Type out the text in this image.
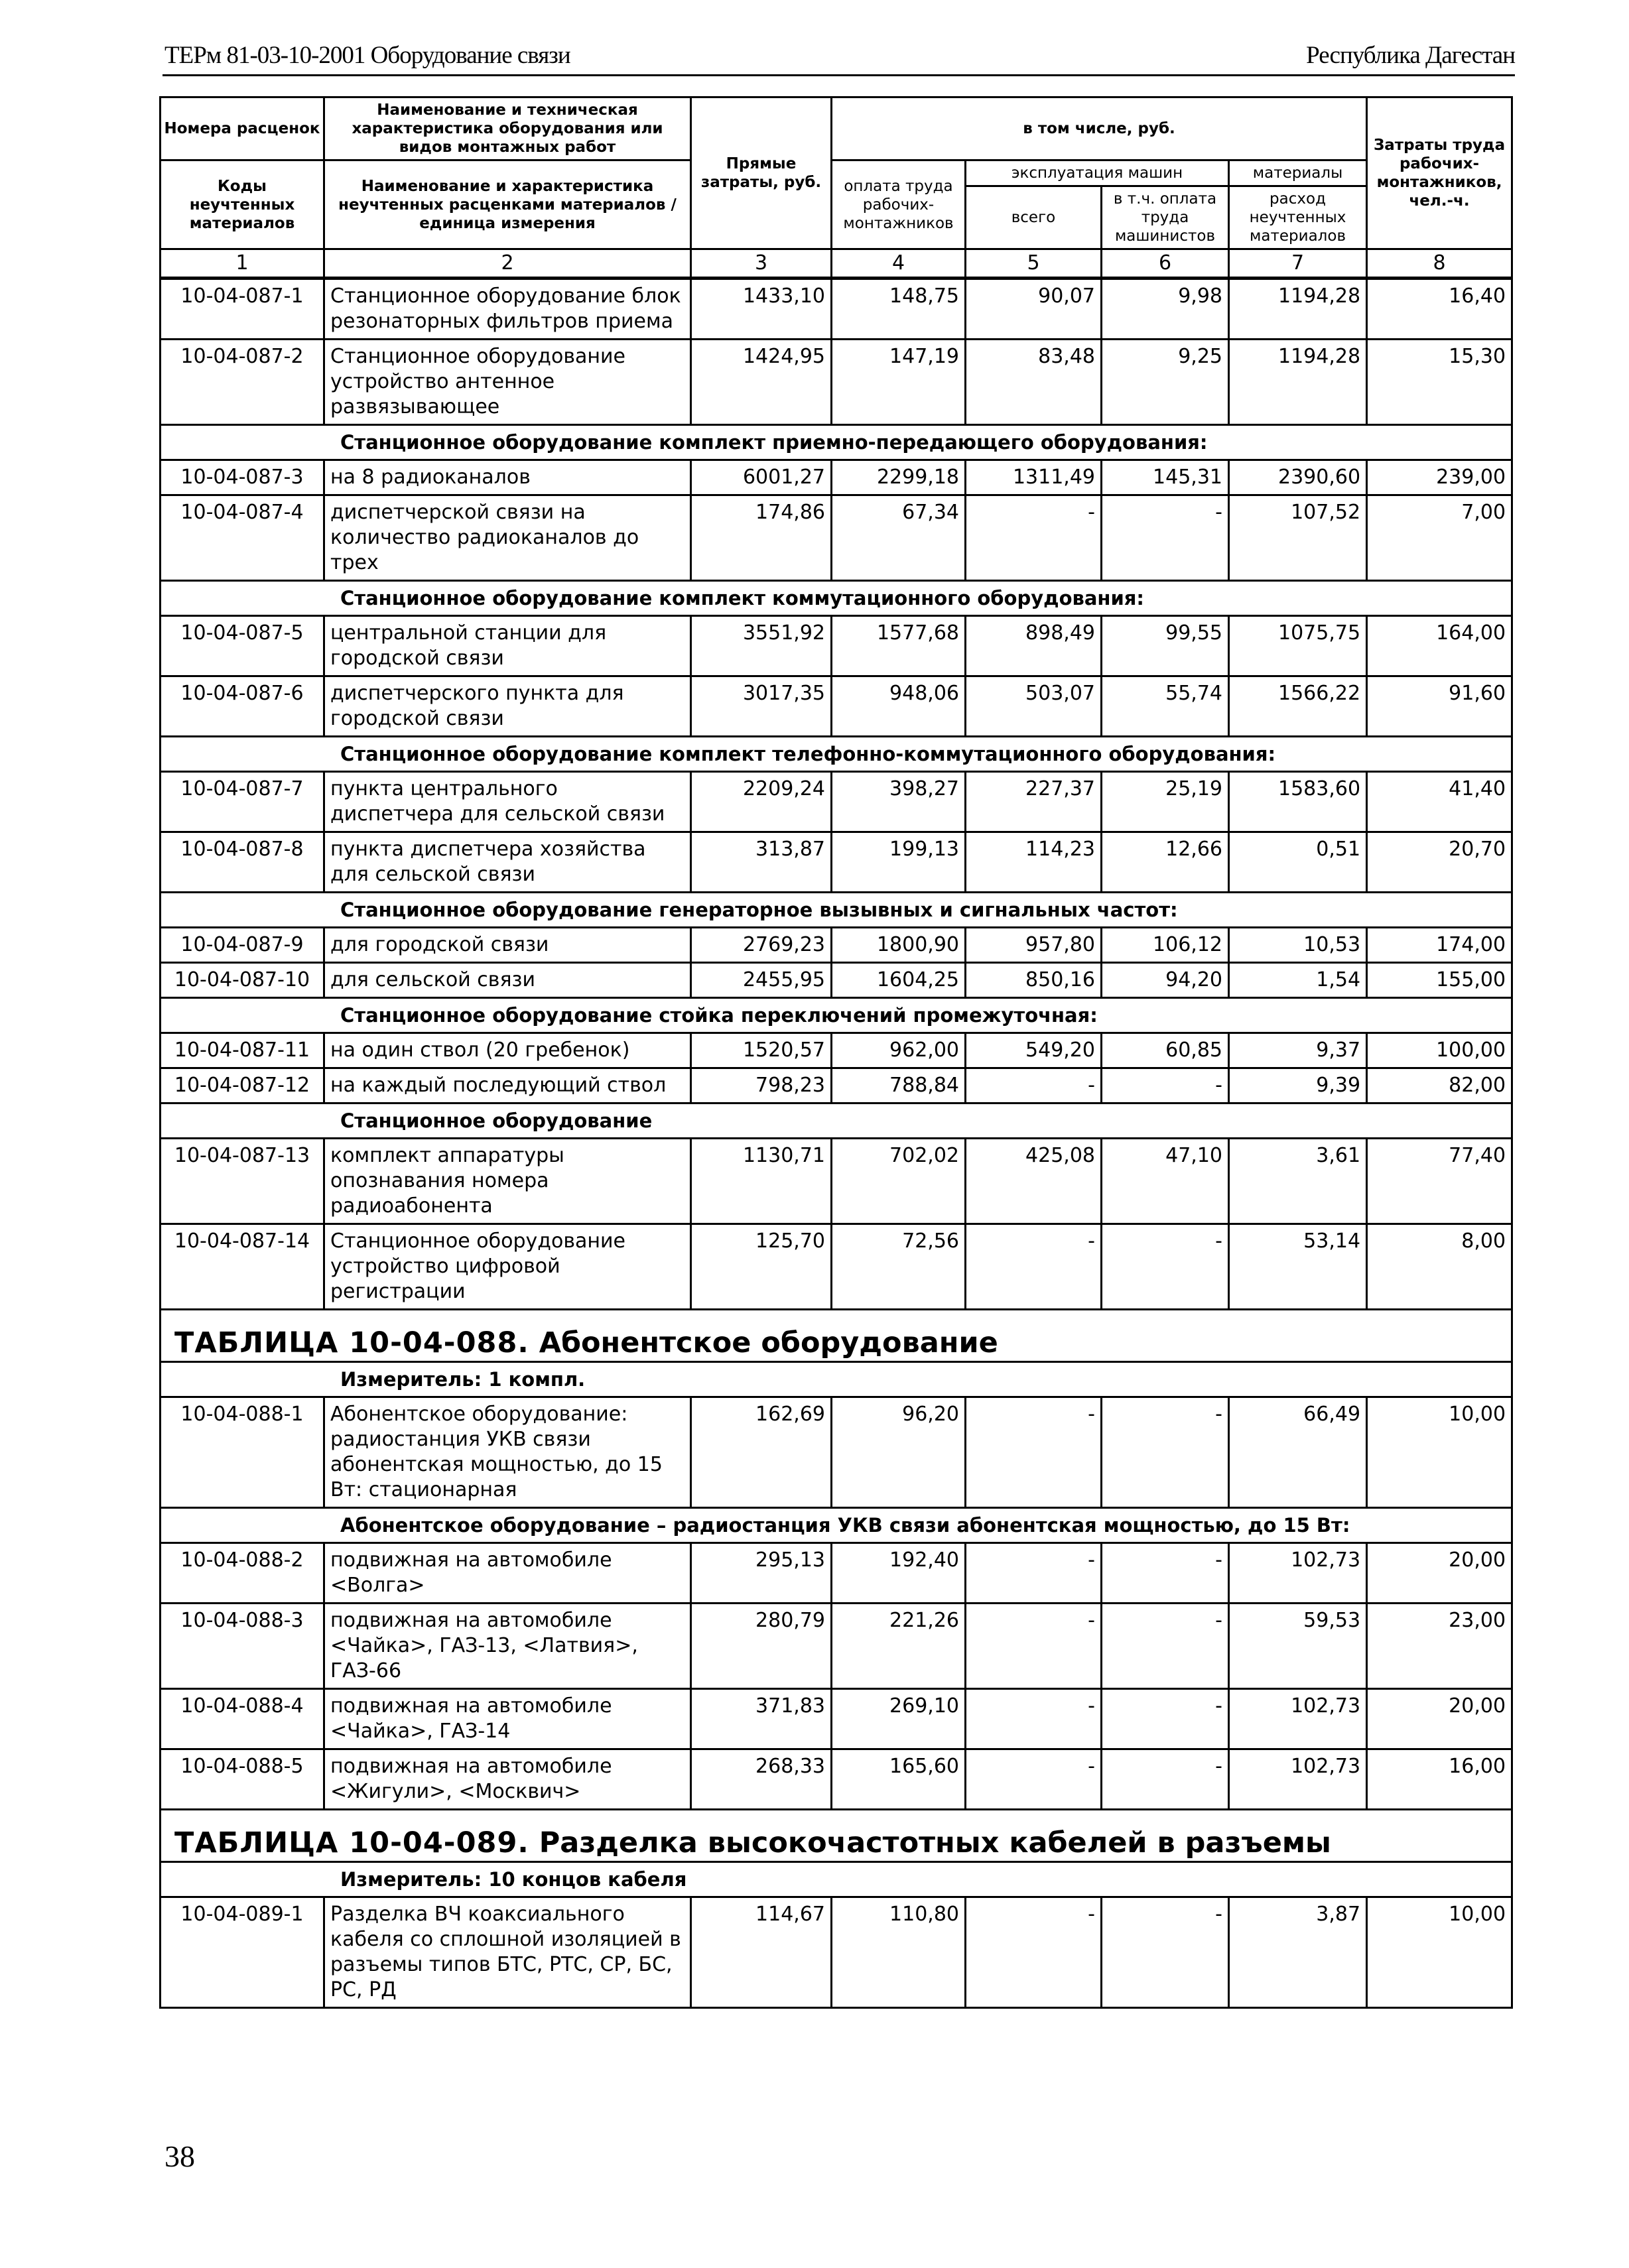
ТЕРм 81-03-10-2001 Оборудование связи	Республика Дагестан
Номера расценок	Наименование и техническая характеристика оборудования или видов монтажных работ	Прямые затраты, руб.	в том числе, руб.				Затраты труда рабочих-монтажников, чел.-ч.
Коды неучтенных материалов	Наименование и характеристика неучтенных расценками материалов / единица измерения		оплата труда рабочих-монтажников	эксплуатация машин		материалы	
				всего	в т.ч. оплата труда машинистов	расход неучтенных материалов	
1	2	3	4	5	6	7	8
10-04-087-1	Станционное оборудование блок резонаторных фильтров приема	1433,10	148,75	90,07	9,98	1194,28	16,40
10-04-087-2	Станционное оборудование устройство антенное развязывающее	1424,95	147,19	83,48	9,25	1194,28	15,30
Станционное оборудование комплект приемно-передающего оборудования:							
10-04-087-3	на 8 радиоканалов	6001,27	2299,18	1311,49	145,31	2390,60	239,00
10-04-087-4	диспетчерской связи на количество радиоканалов до трех	174,86	67,34	-	-	107,52	7,00
Станционное оборудование комплект коммутационного оборудования:							
10-04-087-5	центральной станции для городской связи	3551,92	1577,68	898,49	99,55	1075,75	164,00
10-04-087-6	диспетчерского пункта для городской связи	3017,35	948,06	503,07	55,74	1566,22	91,60
Станционное оборудование комплект телефонно-коммутационного оборудования:							
10-04-087-7	пункта центрального диспетчера для сельской связи	2209,24	398,27	227,37	25,19	1583,60	41,40
10-04-087-8	пункта диспетчера хозяйства для сельской связи	313,87	199,13	114,23	12,66	0,51	20,70
Станционное оборудование генераторное вызывных и сигнальных частот:							
10-04-087-9	для городской связи	2769,23	1800,90	957,80	106,12	10,53	174,00
10-04-087-10	для сельской связи	2455,95	1604,25	850,16	94,20	1,54	155,00
Станционное оборудование стойка переключений промежуточная:							
10-04-087-11	на один ствол (20 гребенок)	1520,57	962,00	549,20	60,85	9,37	100,00
10-04-087-12	на каждый последующий ствол	798,23	788,84	-	-	9,39	82,00
Станционное оборудование							
10-04-087-13	комплект аппаратуры опознавания номера радиоабонента	1130,71	702,02	425,08	47,10	3,61	77,40
10-04-087-14	Станционное оборудование устройство цифровой регистрации	125,70	72,56	-	-	53,14	8,00
ТАБЛИЦА 10-04-088. Абонентское оборудование							
Измеритель: 1 компл.							
10-04-088-1	Абонентское оборудование: радиостанция УКВ связи абонентская мощностью, до 15 Вт: стационарная	162,69	96,20	-	-	66,49	10,00
Абонентское оборудование – радиостанция УКВ связи абонентская мощностью, до 15 Вт:							
10-04-088-2	подвижная на автомобиле <Волга>	295,13	192,40	-	-	102,73	20,00
10-04-088-3	подвижная на автомобиле <Чайка>, ГАЗ-13, <Латвия>, ГАЗ-66	280,79	221,26	-	-	59,53	23,00
10-04-088-4	подвижная на автомобиле <Чайка>, ГАЗ-14	371,83	269,10	-	-	102,73	20,00
10-04-088-5	подвижная на автомобиле <Жигули>, <Москвич>	268,33	165,60	-	-	102,73	16,00
ТАБЛИЦА 10-04-089. Разделка высокочастотных кабелей в разъемы							
Измеритель: 10 концов кабеля							
10-04-089-1	Разделка ВЧ коаксиального кабеля со сплошной изоляцией в разъемы типов БТС, РТС, СР, БС, РС, РД	114,67	110,80	-	-	3,87	10,00
38
